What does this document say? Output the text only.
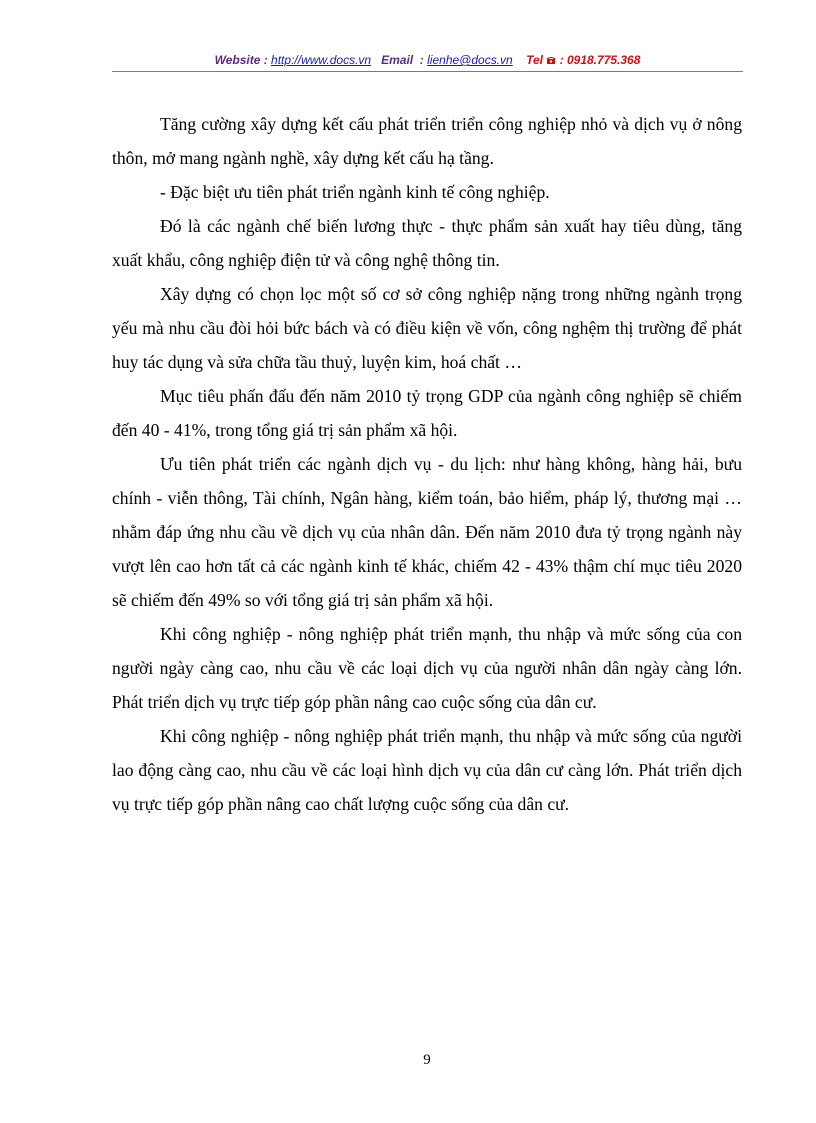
Website : http://www.docs.vn Email : lienhe@docs.vn Tel : 0918.775.368

Tăng cường xây dựng kết cấu phát triển triển công nghiệp nhỏ và dịch vụ ở nông thôn, mở mang ngành nghề, xây dựng kết cấu hạ tầng.

- Đặc biệt ưu tiên phát triển ngành kinh tế công nghiệp.

Đó là các ngành chế biến lương thực - thực phẩm sản xuất hay tiêu dùng, tăng xuất khẩu, công nghiệp điện tử và công nghệ thông tin.

Xây dựng có chọn lọc một số cơ sở công nghiệp nặng trong những ngành trọng yếu mà nhu cầu đòi hỏi bức bách và có điều kiện về vốn, công nghệm thị trường để phát huy tác dụng và sửa chữa tầu thuỷ, luyện kim, hoá chất …

Mục tiêu phấn đấu đến năm 2010 tỷ trọng GDP của ngành công nghiệp sẽ chiếm đến 40 - 41%, trong tổng giá trị sản phẩm xã hội.

Ưu tiên phát triển các ngành dịch vụ - du lịch: như hàng không, hàng hải, bưu chính - viễn thông, Tài chính, Ngân hàng, kiểm toán, bảo hiểm, pháp lý, thương mại … nhằm đáp ứng nhu cầu về dịch vụ của nhân dân. Đến năm 2010 đưa tỷ trọng ngành này vượt lên cao hơn tất cả các ngành kinh tế khác, chiếm 42 - 43% thậm chí mục tiêu 2020 sẽ chiếm đến 49% so với tổng giá trị sản phẩm xã hội.

Khi công nghiệp - nông nghiệp phát triển mạnh, thu nhập và mức sống của con người ngày càng cao, nhu cầu về các loại dịch vụ của người nhân dân ngày càng lớn. Phát triển dịch vụ trực tiếp góp phần nâng cao cuộc sống của dân cư.

Khi công nghiệp - nông nghiệp phát triển mạnh, thu nhập và mức sống của người lao động càng cao, nhu cầu về các loại hình dịch vụ của dân cư càng lớn. Phát triển dịch vụ trực tiếp góp phần nâng cao chất lượng cuộc sống của dân cư.

9
